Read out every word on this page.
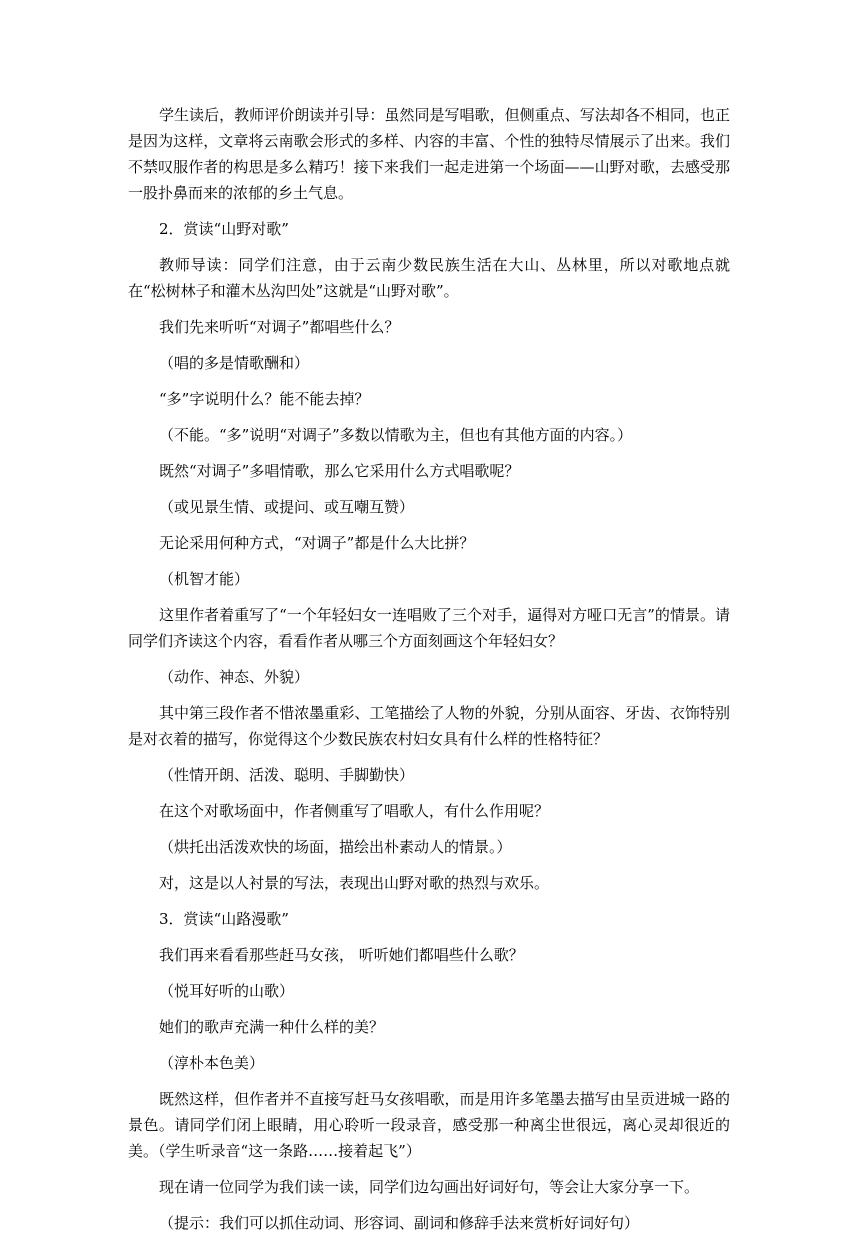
学生读后，教师评价朗读并引导：虽然同是写唱歌，但侧重点、写法却各不相同，也正是因为这样，文章将云南歌会形式的多样、内容的丰富、个性的独特尽情展示了出来。我们不禁叹服作者的构思是多么精巧！接下来我们一起走进第一个场面——山野对歌，去感受那一股扑鼻而来的浓郁的乡土气息。

2．赏读“山野对歌”

教师导读：同学们注意，由于云南少数民族生活在大山、丛林里，所以对歌地点就在“松树林子和灌木丛沟凹处”这就是“山野对歌”。

我们先来听听“对调子”都唱些什么？

（唱的多是情歌酬和）

“多”字说明什么？能不能去掉？

（不能。“多”说明“对调子”多数以情歌为主，但也有其他方面的内容。）

既然“对调子”多唱情歌，那么它采用什么方式唱歌呢？

（或见景生情、或提问、或互嘲互赞）

无论采用何种方式，“对调子”都是什么大比拼？

（机智才能）

这里作者着重写了“一个年轻妇女一连唱败了三个对手，逼得对方哑口无言”的情景。请同学们齐读这个内容，看看作者从哪三个方面刻画这个年轻妇女？

（动作、神态、外貌）

其中第三段作者不惜浓墨重彩、工笔描绘了人物的外貌，分别从面容、牙齿、衣饰特别是对衣着的描写，你觉得这个少数民族农村妇女具有什么样的性格特征？

（性情开朗、活泼、聪明、手脚勤快）

在这个对歌场面中，作者侧重写了唱歌人，有什么作用呢？

（烘托出活泼欢快的场面，描绘出朴素动人的情景。）

对，这是以人衬景的写法，表现出山野对歌的热烈与欢乐。

3．赏读“山路漫歌”

我们再来看看那些赶马女孩， 听听她们都唱些什么歌？

（悦耳好听的山歌）

她们的歌声充满一种什么样的美？

（淳朴本色美）

既然这样，但作者并不直接写赶马女孩唱歌，而是用许多笔墨去描写由呈贡进城一路的景色。请同学们闭上眼睛，用心聆听一段录音，感受那一种离尘世很远，离心灵却很近的美。（学生听录音“这一条路……接着起飞”）

现在请一位同学为我们读一读，同学们边勾画出好词好句，等会让大家分享一下。

（提示：我们可以抓住动词、形容词、副词和修辞手法来赏析好词好句）
